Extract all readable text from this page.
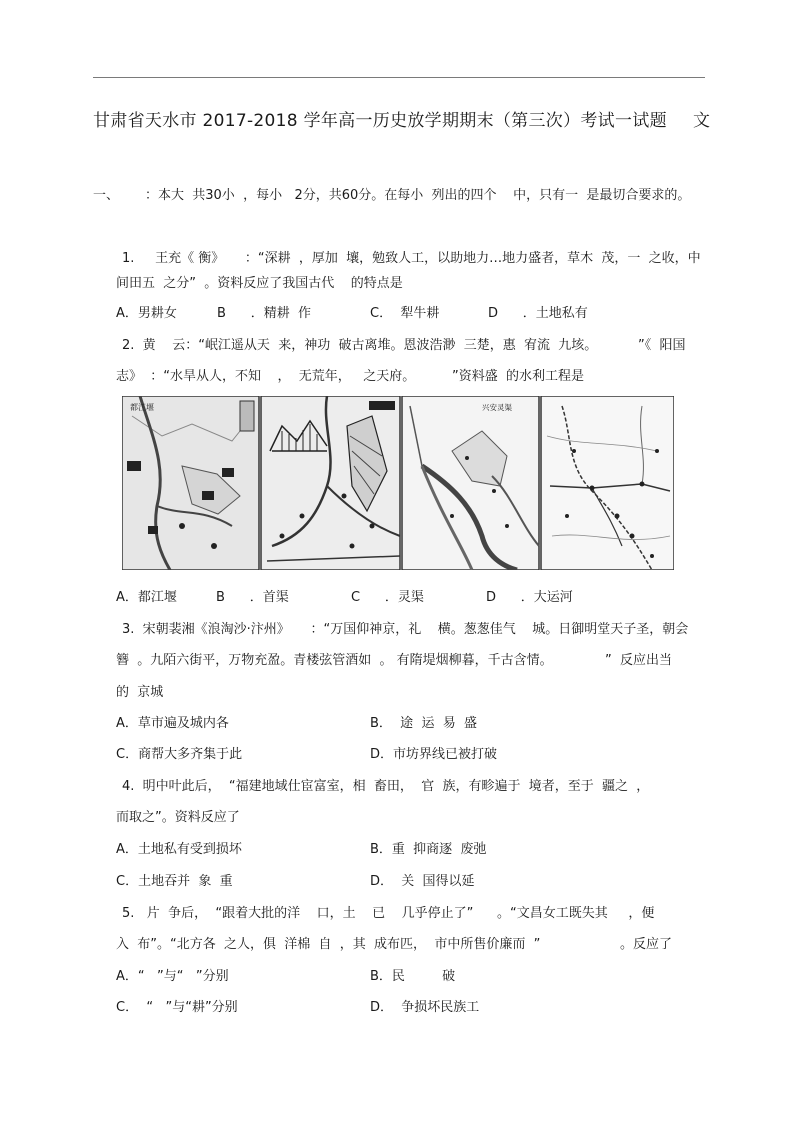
甘肃省天水市 2017-2018 学年高一历史放学期期末（第三次）考试一试题 文
一、 ：本大  共30小  ，每小   2分，共60分。在每小  列出的四个    中，只有一  是最切合要求的。
1.     王充《 衡》     ：“深耕  ，厚加  壤，勉致人工，以助地力…地力盛者，草木  茂，一  之收，中
间田五  之分”  。资料反应了我国古代    的特点是
A．男耕女	B      ．精耕  作	C．  犁牛耕	D      ．土地私有
2.  黄    云：“岷江遥从天  来，神功  破古离堆。恩波浩渺  三楚，惠  宥流  九垓。	”《  阳国
志》  ：“水旱从人，不知    ，  无荒年，   之天府。	”资料盛  的水利工程是
都江堰	兴安灵渠
A．都江堰	B      ．首渠	C      ．灵渠	D      ．大运河
3.  宋朝裴湘《浪淘沙·汴州》     ：“万国仰神京，礼    横。葱葱佳气    城。日御明堂天子圣，朝会
簪  。九陌六街平，万物充盈。青楼弦管酒如  。 有隋堤烟柳暮，千古含情。	”  反应出当
的  京城
A．草市遍及城内各	B．  途  运  易  盛
C．商帮大多齐集于此	D．市坊界线已被打破
4.  明中叶此后，  “福建地域仕宦富室，相  畜田，  官  族，有畛遍于  境者，至于  疆之  ，
而取之”。资料反应了
A．土地私有受到损坏	B．重  抑商逐  废弛
C．土地吞并  象  重	D．  关  国得以延
5.   片  争后，  “跟着大批的洋    口，土    已    几乎停止了” 。“文昌女工既失其     ，便
入  布”。“北方各  之人，俱  洋棉  自  ，其  成布匹，  市中所售价廉而  ”	。反应了
A．“   ”与“   ”分别	B．民         破
C．  “   ”与“耕”分别	D．  争损坏民族工
